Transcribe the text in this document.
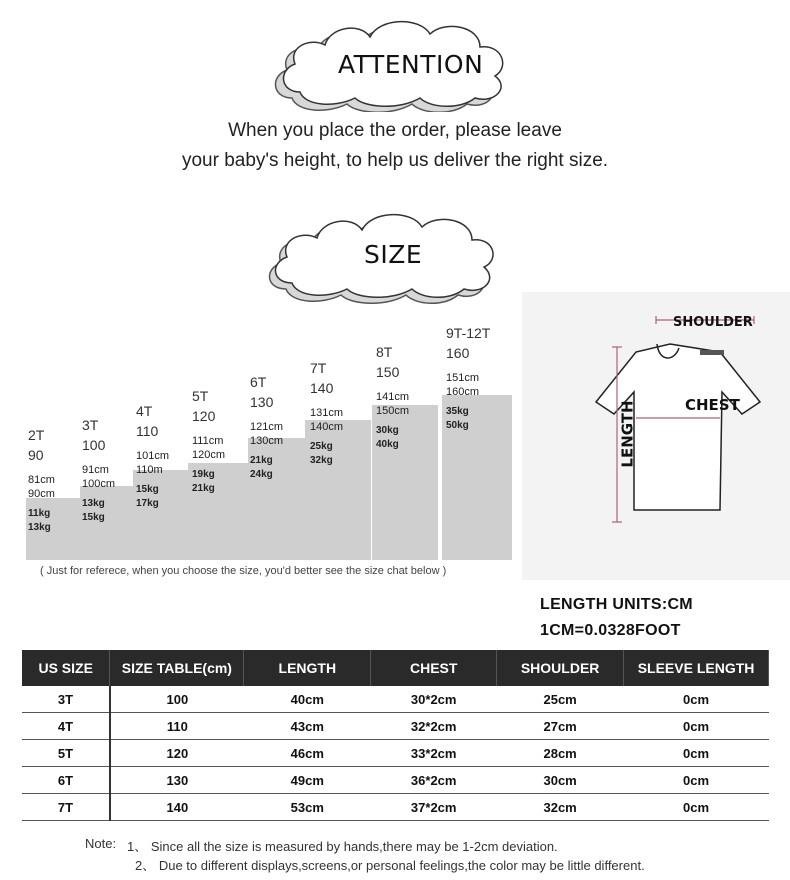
ATTENTION
When you place the order, please leave
your baby's height, to help us deliver the right size.
SIZE
2T
90
81cm
90cm
11kg
13kg
3T
100
91cm
100cm
13kg
15kg
4T
110
101cm
110m
15kg
17kg
5T
120
111cm
120cm
19kg
21kg
6T
130
121cm
130cm
21kg
24kg
7T
140
131cm
140cm
25kg
32kg
8T
150
141cm
150cm
30kg
40kg
9T-12T
160
151cm
160cm
35kg
50kg
( Just for referece, when you choose the size, you'd better see the size chat below )
SHOULDER
CHEST
LENGTH
LENGTH UNITS:CM
1CM=0.0328FOOT
US SIZE	SIZE TABLE(cm)	LENGTH	CHEST	SHOULDER	SLEEVE LENGTH
3T	100	40cm	30*2cm	25cm	0cm
4T	110	43cm	32*2cm	27cm	0cm
5T	120	46cm	33*2cm	28cm	0cm
6T	130	49cm	36*2cm	30cm	0cm
7T	140	53cm	37*2cm	32cm	0cm
Note: 1、 Since all the size is measured by hands,there may be 1-2cm deviation.
2、 Due to different displays,screens,or personal feelings,the color may be little different.
